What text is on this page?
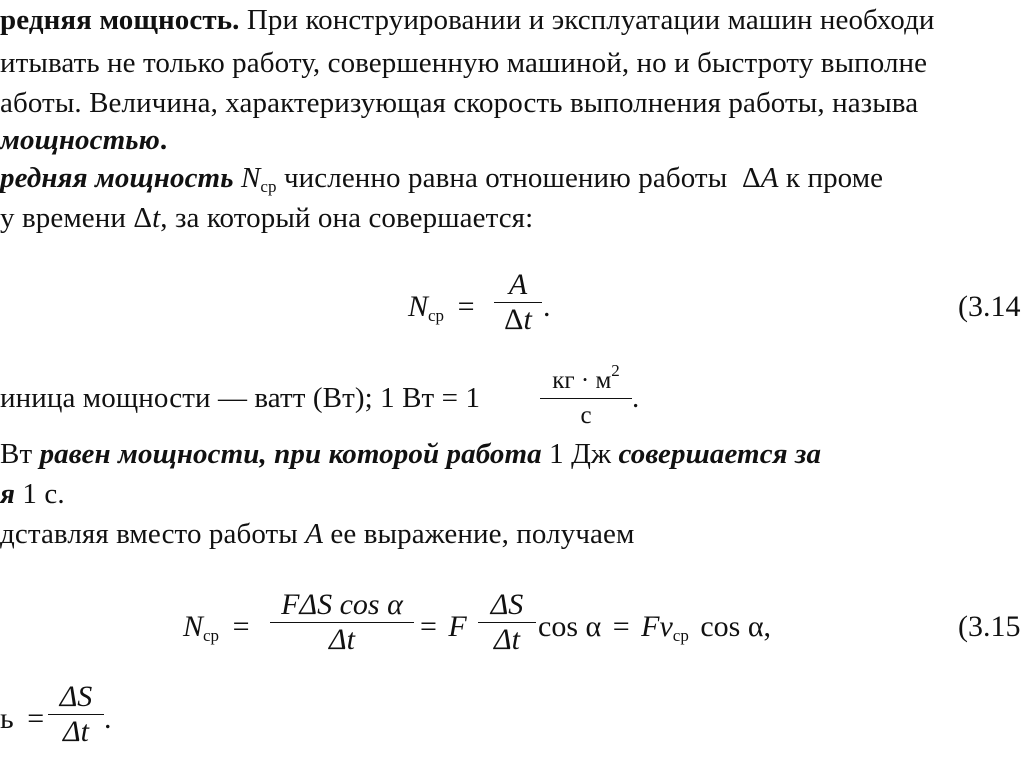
редняя мощность. При конструировании и эксплуатации машин необходи
итывать не только работу, совершенную машиной, но и быстроту выполне
аботы. Величина, характеризующая скорость выполнения работы, называ
мощностью.
редняя мощность $N_{ср}$ численно равна отношению работы  ΔA к проме
у времени Δt, за который она совершается:
$N_{ср}$ =
A
Δt .	(3.14
иница мощности — ватт (Вт); 1 Вт = 1
кг · $м^2$
с
.
Вт равен мощности, при которой работа 1 Дж совершается за
я 1 с.
дставляя вместо работы A ее выражение, получаем
$N_{ср}$ =
FΔS cos α
Δt	= F
ΔS
Δt $\cos \alpha = Fv_{ср}$ cos α,	(3.15
ь =
ΔS
Δt .
